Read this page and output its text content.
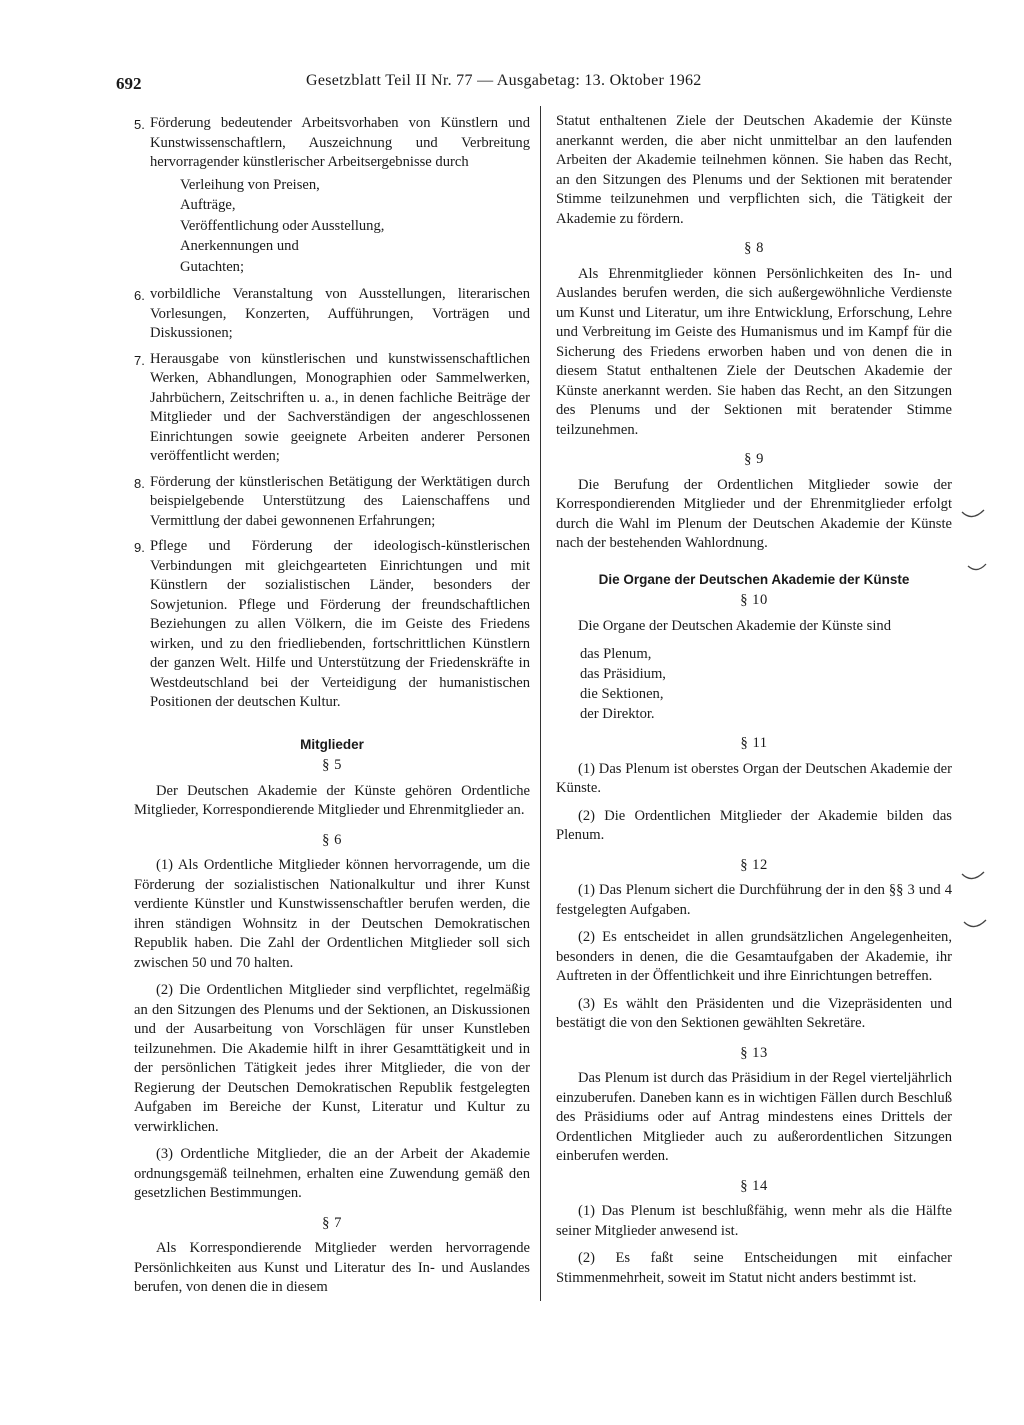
692	Gesetzblatt Teil II Nr. 77 — Ausgabetag: 13. Oktober 1962
5. Förderung bedeutender Arbeitsvorhaben von Künstlern und Kunstwissenschaftlern, Auszeichnung und Verbreitung hervorragender künstlerischer Arbeitsergebnisse durch
Verleihung von Preisen,
Aufträge,
Veröffentlichung oder Ausstellung,
Anerkennungen und
Gutachten;
6. vorbildliche Veranstaltung von Ausstellungen, literarischen Vorlesungen, Konzerten, Aufführungen, Vorträgen und Diskussionen;
7. Herausgabe von künstlerischen und kunstwissenschaftlichen Werken, Abhandlungen, Monographien oder Sammelwerken, Jahrbüchern, Zeitschriften u. a., in denen fachliche Beiträge der Mitglieder und der Sachverständigen der angeschlossenen Einrichtungen sowie geeignete Arbeiten anderer Personen veröffentlicht werden;
8. Förderung der künstlerischen Betätigung der Werktätigen durch beispielgebende Unterstützung des Laienschaffens und Vermittlung der dabei gewonnenen Erfahrungen;
9. Pflege und Förderung der ideologisch-künstlerischen Verbindungen mit gleichgearteten Einrichtungen und mit Künstlern der sozialistischen Länder, besonders der Sowjetunion. Pflege und Förderung der freundschaftlichen Beziehungen zu allen Völkern, die im Geiste des Friedens wirken, und zu den friedliebenden, fortschrittlichen Künstlern der ganzen Welt. Hilfe und Unterstützung der Friedenskräfte in Westdeutschland bei der Verteidigung der humanistischen Positionen der deutschen Kultur.
Mitglieder
§ 5
Der Deutschen Akademie der Künste gehören Ordentliche Mitglieder, Korrespondierende Mitglieder und Ehrenmitglieder an.
§ 6
(1) Als Ordentliche Mitglieder können hervorragende, um die Förderung der sozialistischen Nationalkultur und ihrer Kunst verdiente Künstler und Kunstwissenschaftler berufen werden, die ihren ständigen Wohnsitz in der Deutschen Demokratischen Republik haben. Die Zahl der Ordentlichen Mitglieder soll sich zwischen 50 und 70 halten.
(2) Die Ordentlichen Mitglieder sind verpflichtet, regelmäßig an den Sitzungen des Plenums und der Sektionen, an Diskussionen und der Ausarbeitung von Vorschlägen für unser Kunstleben teilzunehmen. Die Akademie hilft in ihrer Gesamttätigkeit und in der persönlichen Tätigkeit jedes ihrer Mitglieder, die von der Regierung der Deutschen Demokratischen Republik festgelegten Aufgaben im Bereiche der Kunst, Literatur und Kultur zu verwirklichen.
(3) Ordentliche Mitglieder, die an der Arbeit der Akademie ordnungsgemäß teilnehmen, erhalten eine Zuwendung gemäß den gesetzlichen Bestimmungen.
§ 7
Als Korrespondierende Mitglieder werden hervorragende Persönlichkeiten aus Kunst und Literatur des In- und Auslandes berufen, von denen die in diesem
Statut enthaltenen Ziele der Deutschen Akademie der Künste anerkannt werden, die aber nicht unmittelbar an den laufenden Arbeiten der Akademie teilnehmen können. Sie haben das Recht, an den Sitzungen des Plenums und der Sektionen mit beratender Stimme teilzunehmen und verpflichten sich, die Tätigkeit der Akademie zu fördern.
§ 8
Als Ehrenmitglieder können Persönlichkeiten des In- und Auslandes berufen werden, die sich außergewöhnliche Verdienste um Kunst und Literatur, um ihre Entwicklung, Erforschung, Lehre und Verbreitung im Geiste des Humanismus und im Kampf für die Sicherung des Friedens erworben haben und von denen die in diesem Statut enthaltenen Ziele der Deutschen Akademie der Künste anerkannt werden. Sie haben das Recht, an den Sitzungen des Plenums und der Sektionen mit beratender Stimme teilzunehmen.
§ 9
Die Berufung der Ordentlichen Mitglieder sowie der Korrespondierenden Mitglieder und der Ehrenmitglieder erfolgt durch die Wahl im Plenum der Deutschen Akademie der Künste nach der bestehenden Wahlordnung.
Die Organe der Deutschen Akademie der Künste
§ 10
Die Organe der Deutschen Akademie der Künste sind
das Plenum,
das Präsidium,
die Sektionen,
der Direktor.
§ 11
(1) Das Plenum ist oberstes Organ der Deutschen Akademie der Künste.
(2) Die Ordentlichen Mitglieder der Akademie bilden das Plenum.
§ 12
(1) Das Plenum sichert die Durchführung der in den §§ 3 und 4 festgelegten Aufgaben.
(2) Es entscheidet in allen grundsätzlichen Angelegenheiten, besonders in denen, die die Gesamtaufgaben der Akademie, ihr Auftreten in der Öffentlichkeit und ihre Einrichtungen betreffen.
(3) Es wählt den Präsidenten und die Vizepräsidenten und bestätigt die von den Sektionen gewählten Sekretäre.
§ 13
Das Plenum ist durch das Präsidium in der Regel vierteljährlich einzuberufen. Daneben kann es in wichtigen Fällen durch Beschluß des Präsidiums oder auf Antrag mindestens eines Drittels der Ordentlichen Mitglieder auch zu außerordentlichen Sitzungen einberufen werden.
§ 14
(1) Das Plenum ist beschlußfähig, wenn mehr als die Hälfte seiner Mitglieder anwesend ist.
(2) Es faßt seine Entscheidungen mit einfacher Stimmenmehrheit, soweit im Statut nicht anders bestimmt ist.
